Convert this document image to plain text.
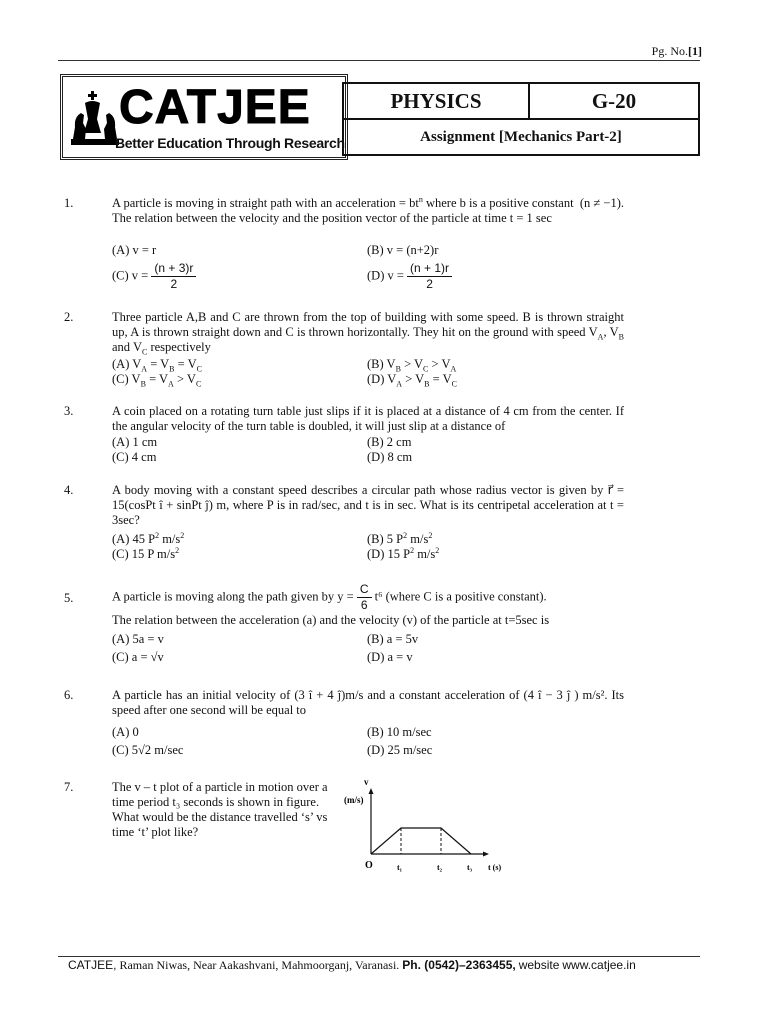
Pg. No.[1]
CATJEE
Better Education Through Research
PHYSICS	G-20
Assignment [Mechanics Part-2]
1.	A particle is moving in straight path with an acceleration = $bt^n$ where b is a positive constant  (n ≠ −1). The relation between the velocity and the position vector of the particle at time t = 1 sec
(A) v = r	(B) v = (n+2)r
(C) $v = \frac{(n + 3)r}{2}$	(D) $v = \frac{(n + 1)r}{2}$
2.	Three particle A,B and C are thrown from the top of building with some speed. B is thrown straight up, A is thrown straight down and C is thrown horizontally. They hit on the ground with speed $V_A$, $V_B$ and $V_C$ respectively
(A) $V_A = V_B = V_C$	(B) $V_B > V_C > V_A$
(C) $V_B = V_A > V_C$	(D) $V_A > V_B = V_C$
3.	A coin placed on a rotating turn table just slips if it is placed at a distance of 4 cm from the center. If the angular velocity of the turn table is doubled, it will just slip at a distance of
(A) 1 cm	(B) 2 cm
(C) 4 cm	(D) 8 cm
4.	A body moving with a constant speed describes a circular path whose radius vector is given by r⃗ = 15(cosPt î + sinPt ĵ) m, where P is in rad/sec, and t is in sec. What is its centripetal acceleration at t = 3sec?
(A) 45 $P^2$ $m/s^2$	(B) 5 $P^2$ $m/s^2$
(C) 15 P $m/s^2$	(D) 15 $P^2$ $m/s^2$
5.	A particle is moving along the path given by $y = \frac{C}{6} t^6$ (where C is a positive constant).
The relation between the acceleration (a) and the velocity (v) of the particle at t=5sec is
(A) 5a = v	(B) a = 5v
(C) a = √v	(D) a = v
6.	A particle has an initial velocity of (3 î + 4 ĵ)m/s and a constant acceleration of (4 î − 3 ĵ ) m/s². Its speed after one second will be equal to
(A) 0	(B) 10 m/sec
(C) 5√2 m/sec	(D) 25 m/sec
7.	The v – t plot of a particle in motion over a time period t₃ seconds is shown in figure. What would be the distance travelled ‘s’ vs time ‘t’ plot like?
v
(m/s)
O	t₁	t₂	t₃ t (s)
CATJEE, Raman Niwas, Near Aakashvani, Mahmoorganj, Varanasi. Ph. (0542)–2363455, website www.catjee.in
